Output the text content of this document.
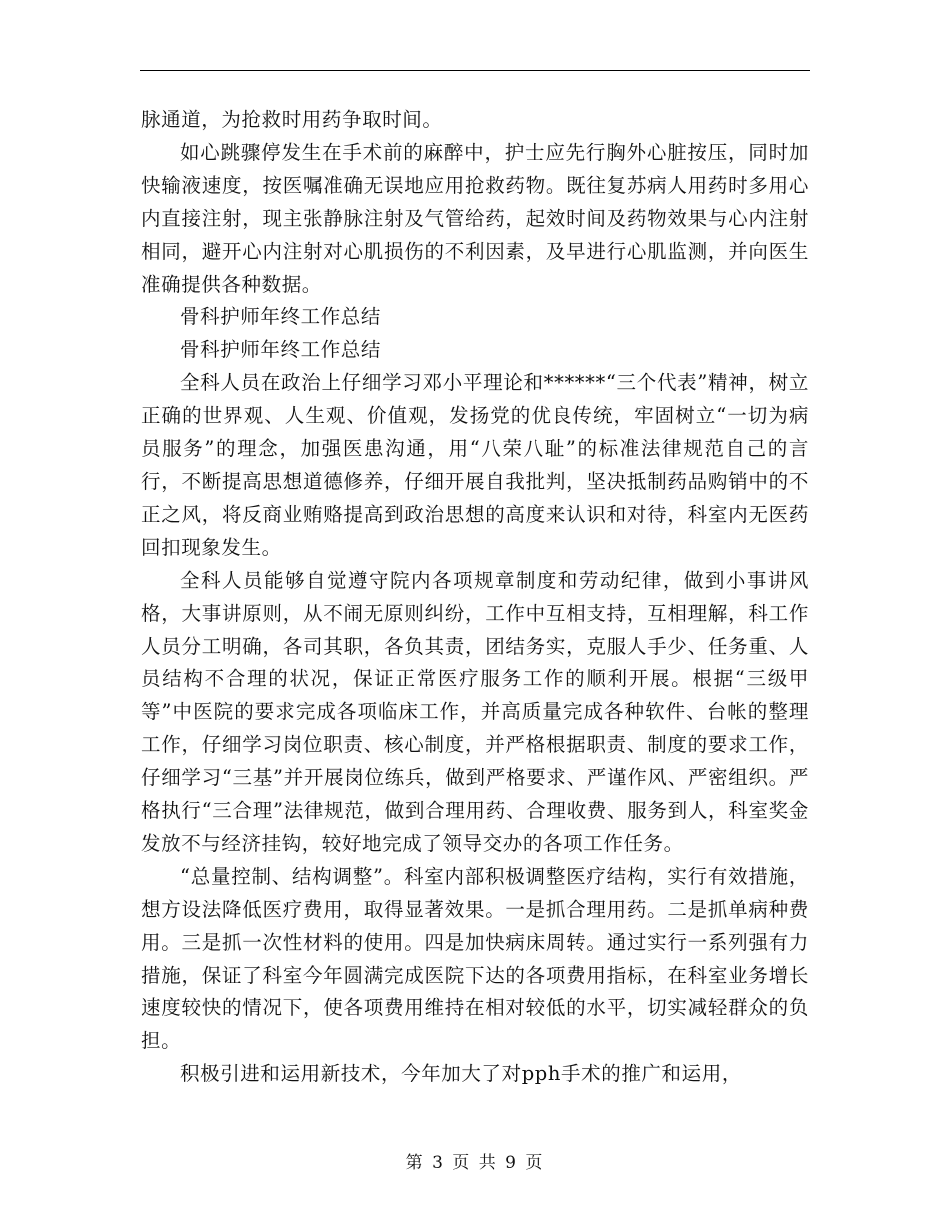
脉通道，为抢救时用药争取时间。

如心跳骤停发生在手术前的麻醉中，护士应先行胸外心脏按压，同时加快输液速度，按医嘱准确无误地应用抢救药物。既往复苏病人用药时多用心内直接注射，现主张静脉注射及气管给药，起效时间及药物效果与心内注射相同，避开心内注射对心肌损伤的不利因素，及早进行心肌监测，并向医生准确提供各种数据。

骨科护师年终工作总结

骨科护师年终工作总结

全科人员在政治上仔细学习邓小平理论和******“三个代表”精神，树立正确的世界观、人生观、价值观，发扬党的优良传统，牢固树立“一切为病员服务”的理念，加强医患沟通，用“八荣八耻”的标准法律规范自己的言行，不断提高思想道德修养，仔细开展自我批判，坚决抵制药品购销中的不正之风，将反商业贿赂提高到政治思想的高度来认识和对待，科室内无医药回扣现象发生。

全科人员能够自觉遵守院内各项规章制度和劳动纪律，做到小事讲风格，大事讲原则，从不闹无原则纠纷，工作中互相支持，互相理解，科工作人员分工明确，各司其职，各负其责，团结务实，克服人手少、任务重、人员结构不合理的状况，保证正常医疗服务工作的顺利开展。根据“三级甲等”中医院的要求完成各项临床工作，并高质量完成各种软件、台帐的整理工作，仔细学习岗位职责、核心制度，并严格根据职责、制度的要求工作，仔细学习“三基”并开展岗位练兵，做到严格要求、严谨作风、严密组织。严格执行“三合理”法律规范，做到合理用药、合理收费、服务到人，科室奖金发放不与经济挂钩，较好地完成了领导交办的各项工作任务。

“总量控制、结构调整”。科室内部积极调整医疗结构，实行有效措施，想方设法降低医疗费用，取得显著效果。一是抓合理用药。二是抓单病种费用。三是抓一次性材料的使用。四是加快病床周转。通过实行一系列强有力措施，保证了科室今年圆满完成医院下达的各项费用指标，在科室业务增长速度较快的情况下，使各项费用维持在相对较低的水平，切实减轻群众的负担。

积极引进和运用新技术，今年加大了对pph手术的推广和运用，

第 3 页 共 9 页
